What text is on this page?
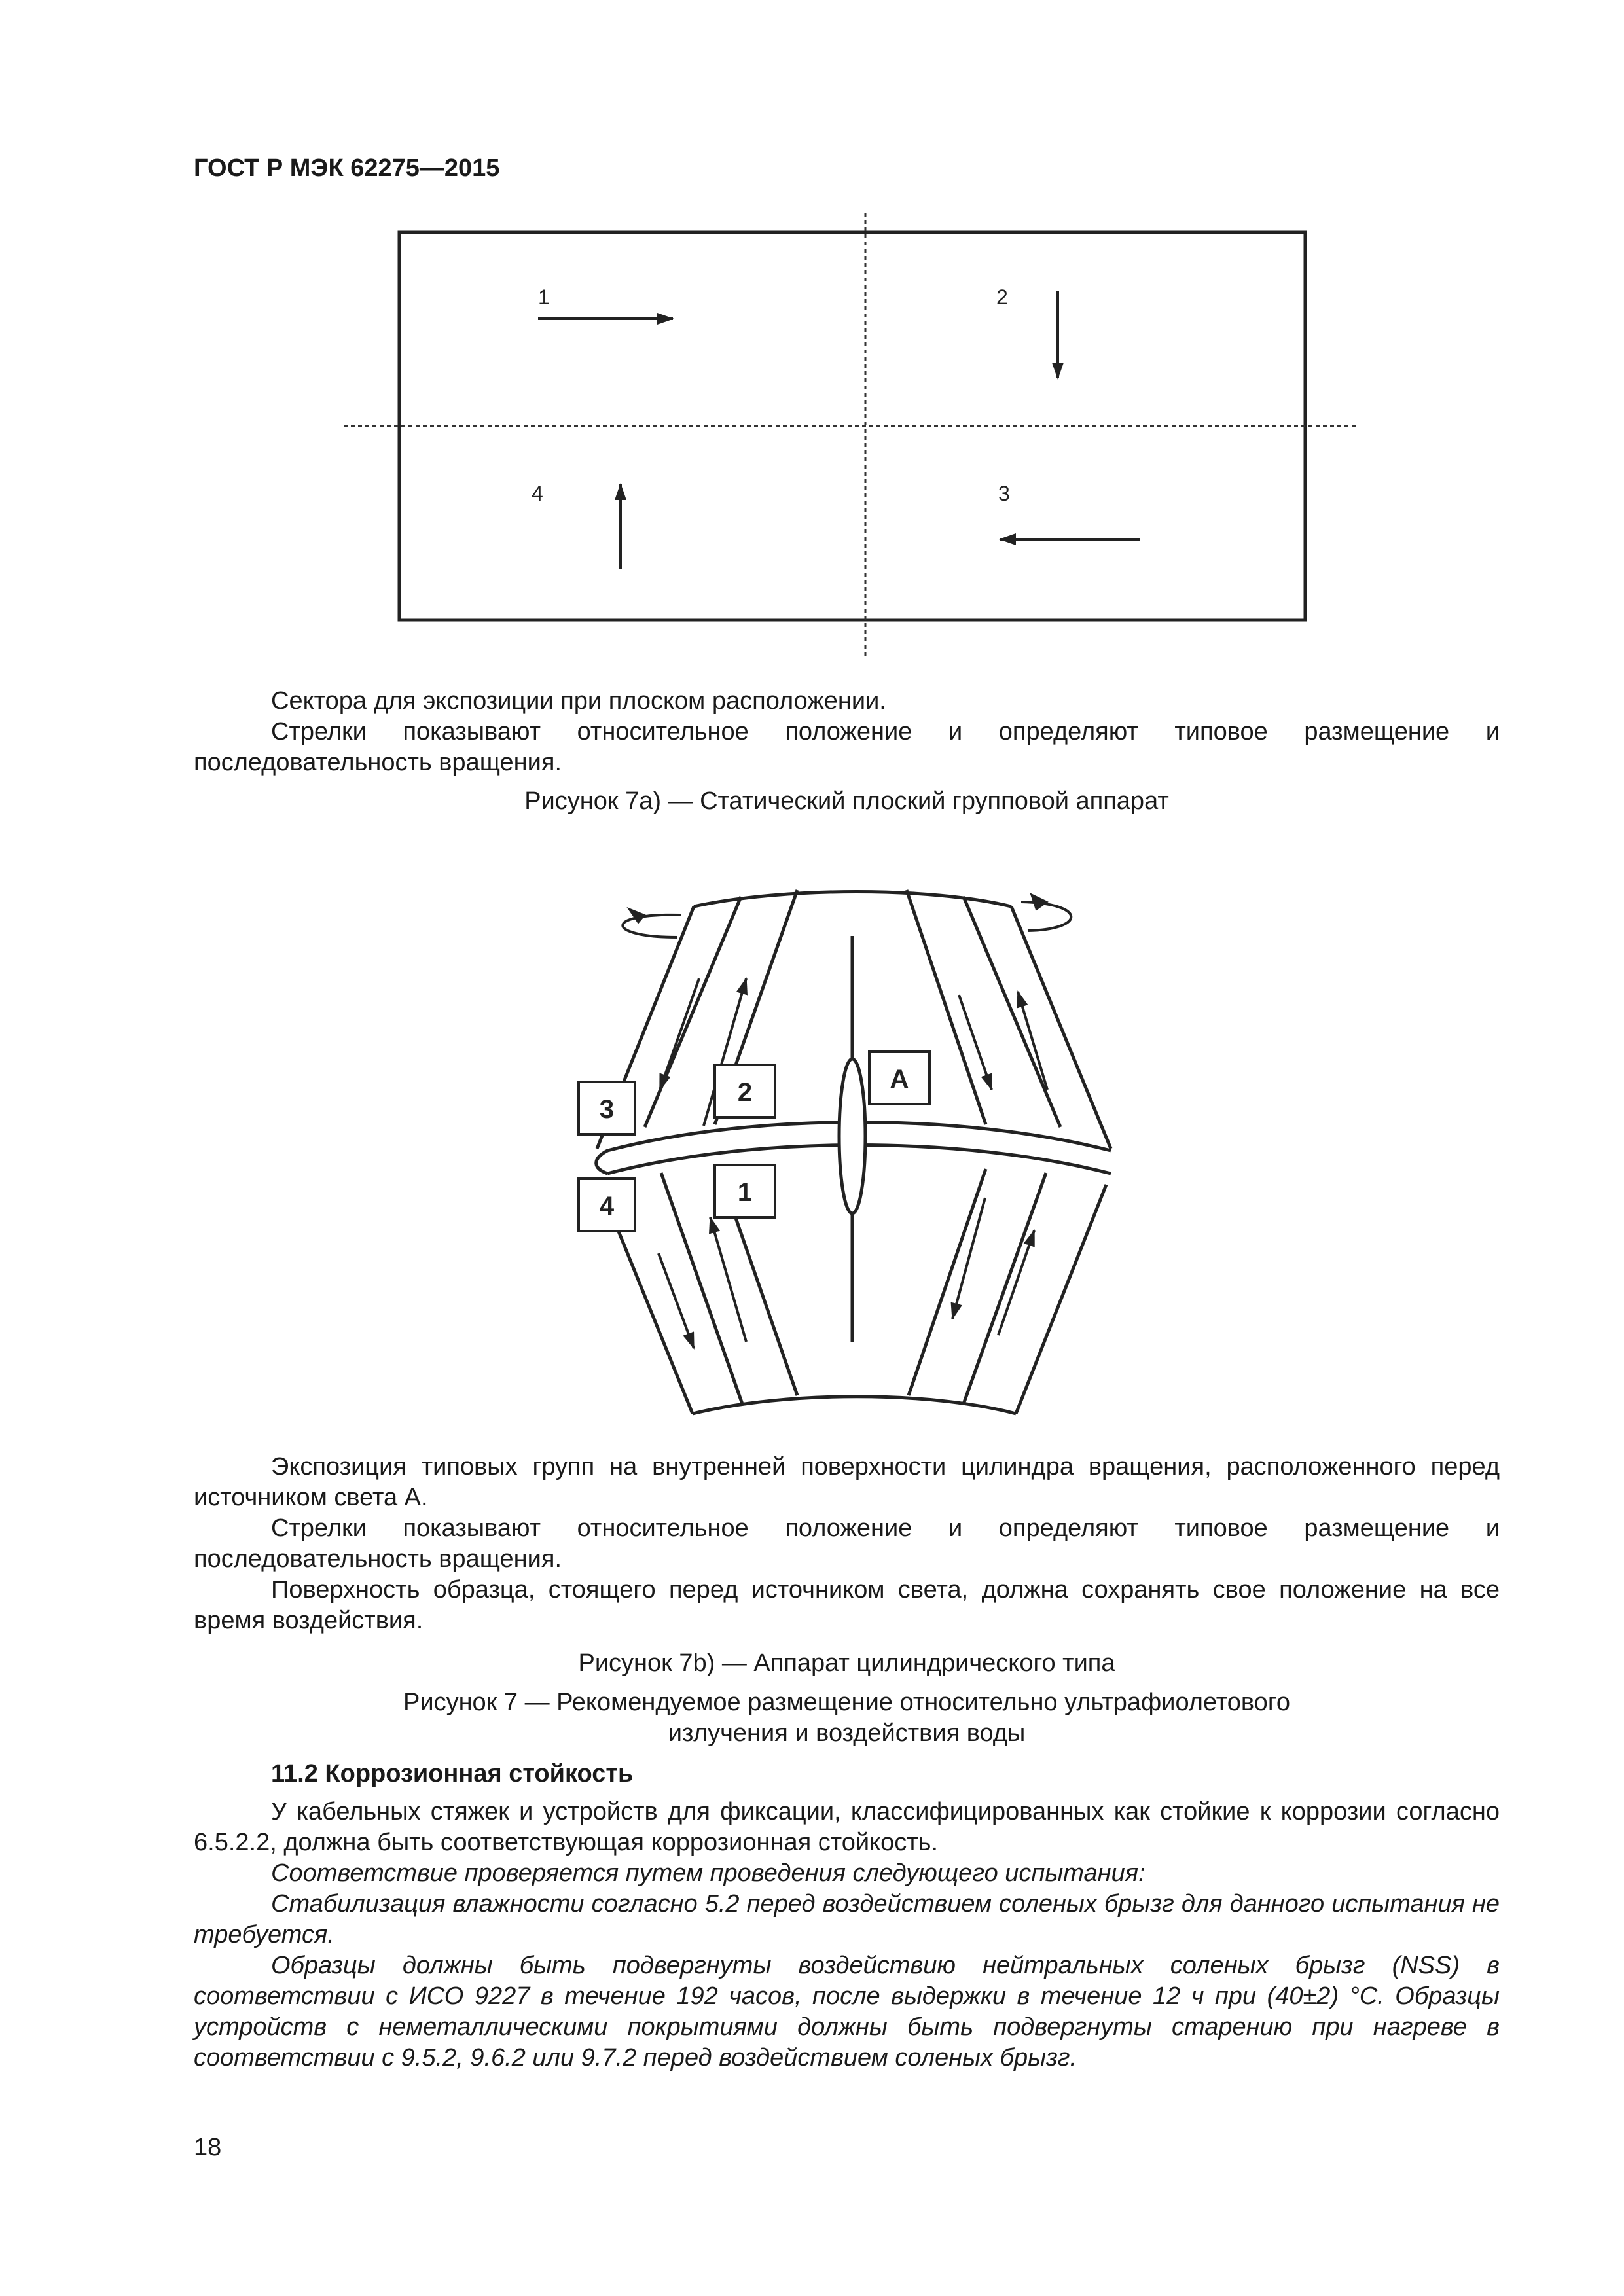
ГОСТ Р МЭК 62275—2015
1	2
3
4
3
2	A
4	1

Сектора для экспозиции при плоском расположении.

Стрелки показывают относительное положение и определяют типовое размещение и последовательность вращения.

Рисунок 7а) — Статический плоский групповой аппарат

Экспозиция типовых групп на внутренней поверхности цилиндра вращения, расположенного перед источником света А.

Стрелки показывают относительное положение и определяют типовое размещение и последовательность вращения.

Поверхность образца, стоящего перед источником света, должна сохранять свое положение на все время воздействия.

Рисунок 7b) — Аппарат цилиндрического типа

Рисунок 7 — Рекомендуемое размещение относительно ультрафиолетового

излучения и воздействия воды

11.2 Коррозионная стойкость

У кабельных стяжек и устройств для фиксации, классифицированных как стойкие к коррозии согласно 6.5.2.2, должна быть соответствующая коррозионная стойкость.

Соответствие проверяется путем проведения следующего испытания:

Стабилизация влажности согласно 5.2 перед воздействием соленых брызг для данного испытания не требуется.

Образцы должны быть подвергнуты воздействию нейтральных соленых брызг (NSS) в соответствии с ИСО 9227 в течение 192 часов, после выдержки в течение 12 ч при (40±2) °С. Образцы устройств с неметаллическими покрытиями должны быть подвергнуты старению при нагреве в соответствии с 9.5.2, 9.6.2 или 9.7.2 перед воздействием соленых брызг.

18
